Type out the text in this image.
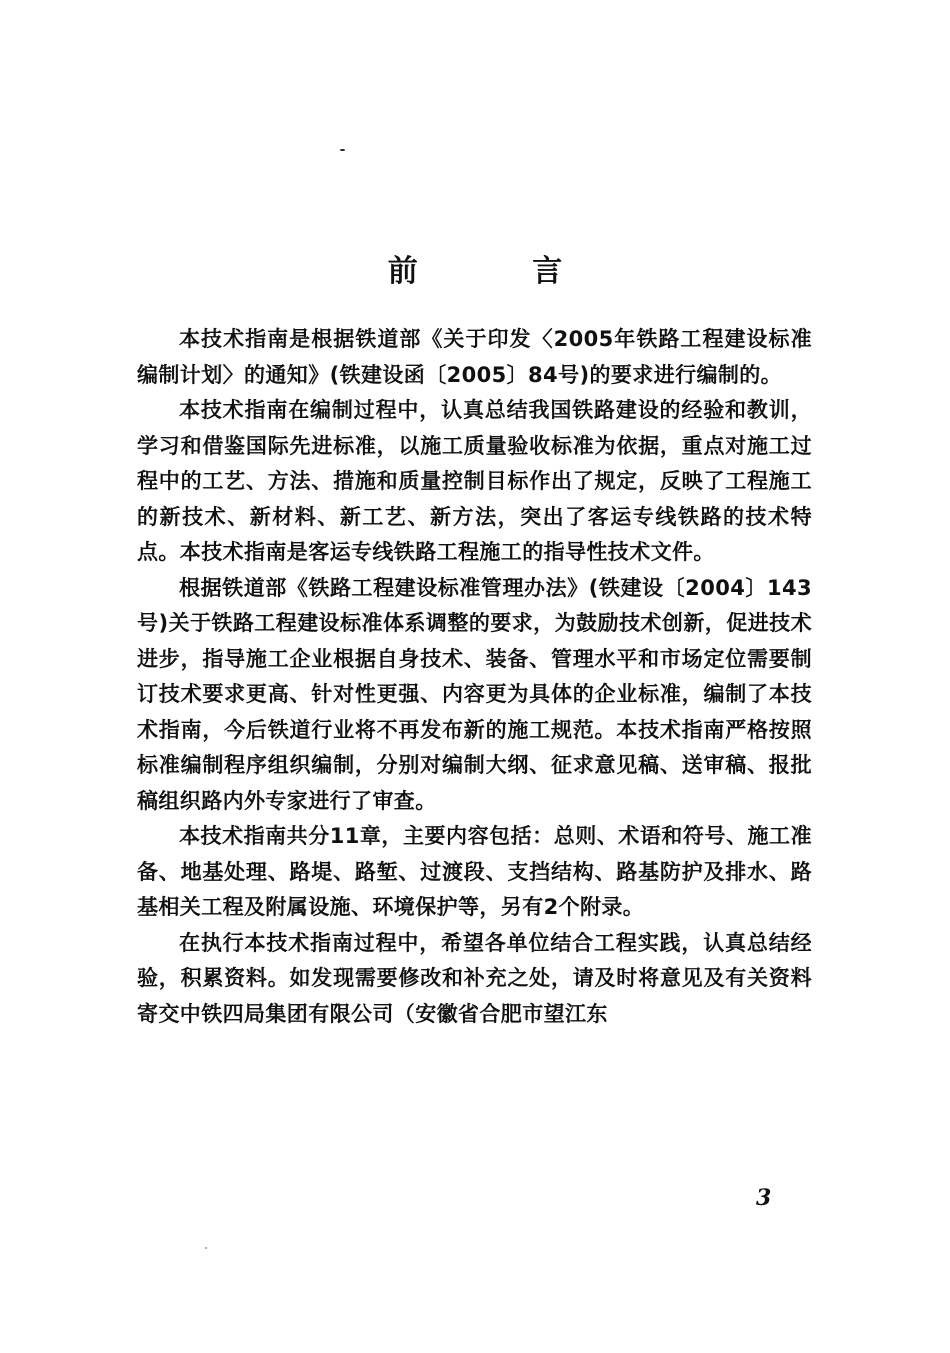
前 言

本技术指南是根据铁道部《关于印发〈2005年铁路工程建设标准编制计划〉的通知》(铁建设函〔2005〕84号)的要求进行编制的。

本技术指南在编制过程中，认真总结我国铁路建设的经验和教训，学习和借鉴国际先进标准，以施工质量验收标准为依据，重点对施工过程中的工艺、方法、措施和质量控制目标作出了规定，反映了工程施工的新技术、新材料、新工艺、新方法，突出了客运专线铁路的技术特点。本技术指南是客运专线铁路工程施工的指导性技术文件。

根据铁道部《铁路工程建设标准管理办法》(铁建设〔2004〕143号)关于铁路工程建设标准体系调整的要求，为鼓励技术创新，促进技术进步，指导施工企业根据自身技术、装备、管理水平和市场定位需要制订技术要求更高、针对性更强、内容更为具体的企业标准，编制了本技术指南，今后铁道行业将不再发布新的施工规范。本技术指南严格按照标准编制程序组织编制，分别对编制大纲、征求意见稿、送审稿、报批稿组织路内外专家进行了审查。

本技术指南共分11章，主要内容包括：总则、术语和符号、施工准备、地基处理、路堤、路堑、过渡段、支挡结构、路基防护及排水、路基相关工程及附属设施、环境保护等，另有2个附录。

在执行本技术指南过程中，希望各单位结合工程实践，认真总结经验，积累资料。如发现需要修改和补充之处，请及时将意见及有关资料寄交中铁四局集团有限公司（安徽省合肥市望江东

3
